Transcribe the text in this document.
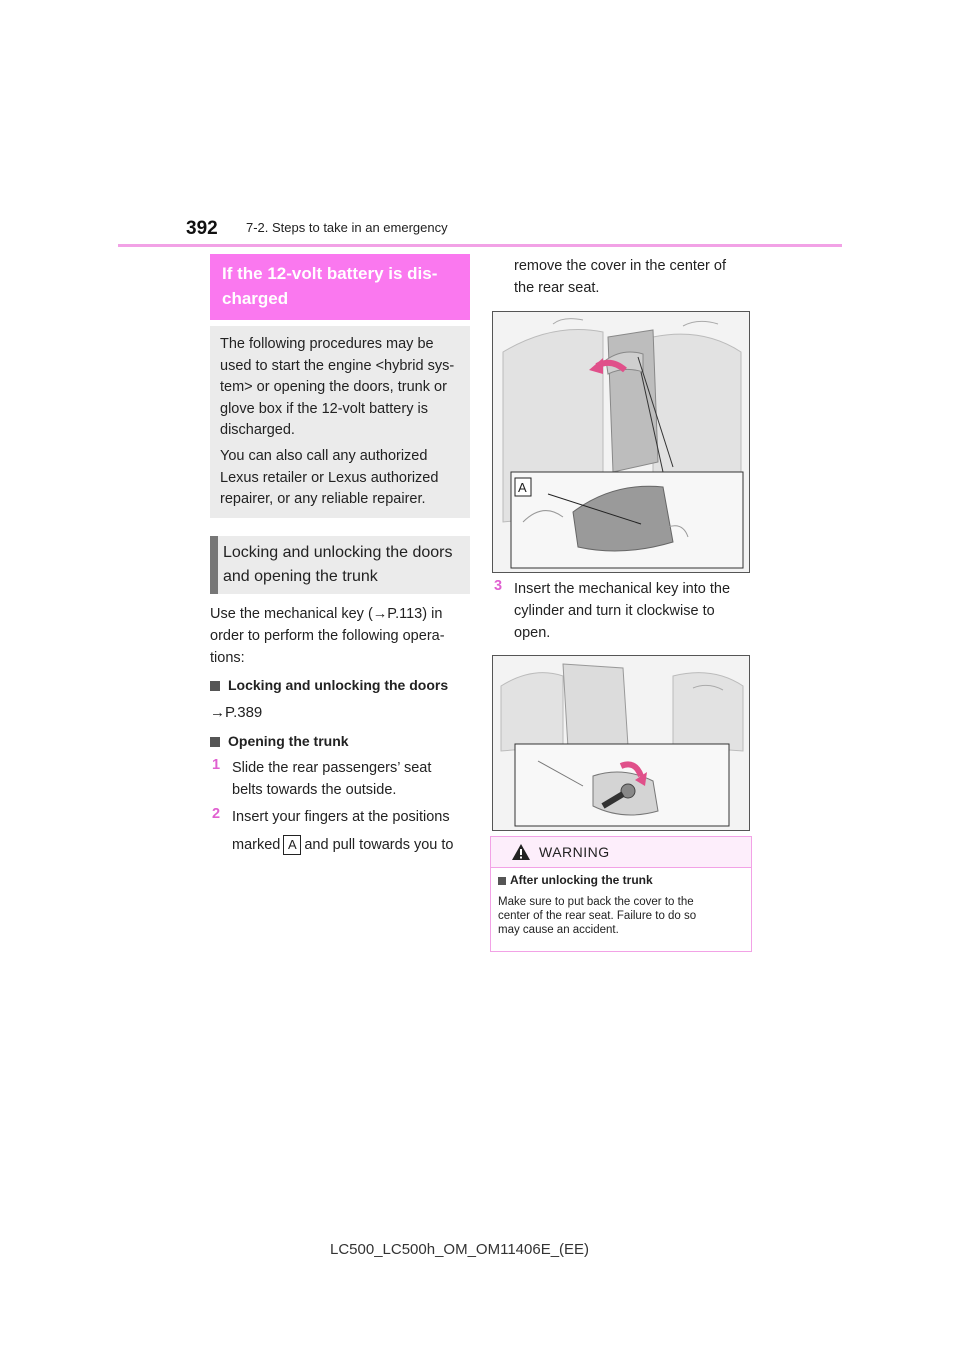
392 7-2. Steps to take in an emergency
If the 12-volt battery is dis-
charged

The following procedures may be
used to start the engine <hybrid sys-
tem> or opening the doors, trunk or
glove box if the 12-volt battery is
discharged.

You can also call any authorized
Lexus retailer or Lexus authorized
repairer, or any reliable repairer.

Locking and unlocking the doors
and opening the trunk
Use the mechanical key (→P.113) in
order to perform the following opera-
tions:
Locking and unlocking the doors
→P.389
Opening the trunk
1 Slide the rear passengers’ seat
belts towards the outside.
2 Insert your fingers at the positions
marked A and pull towards you to
remove the cover in the center of
the rear seat.
A
3 Insert the mechanical key into the
cylinder and turn it clockwise to
open.
WARNING
After unlocking the trunk
Make sure to put back the cover to the
center of the rear seat. Failure to do so
may cause an accident.
LC500_LC500h_OM_OM11406E_(EE)
